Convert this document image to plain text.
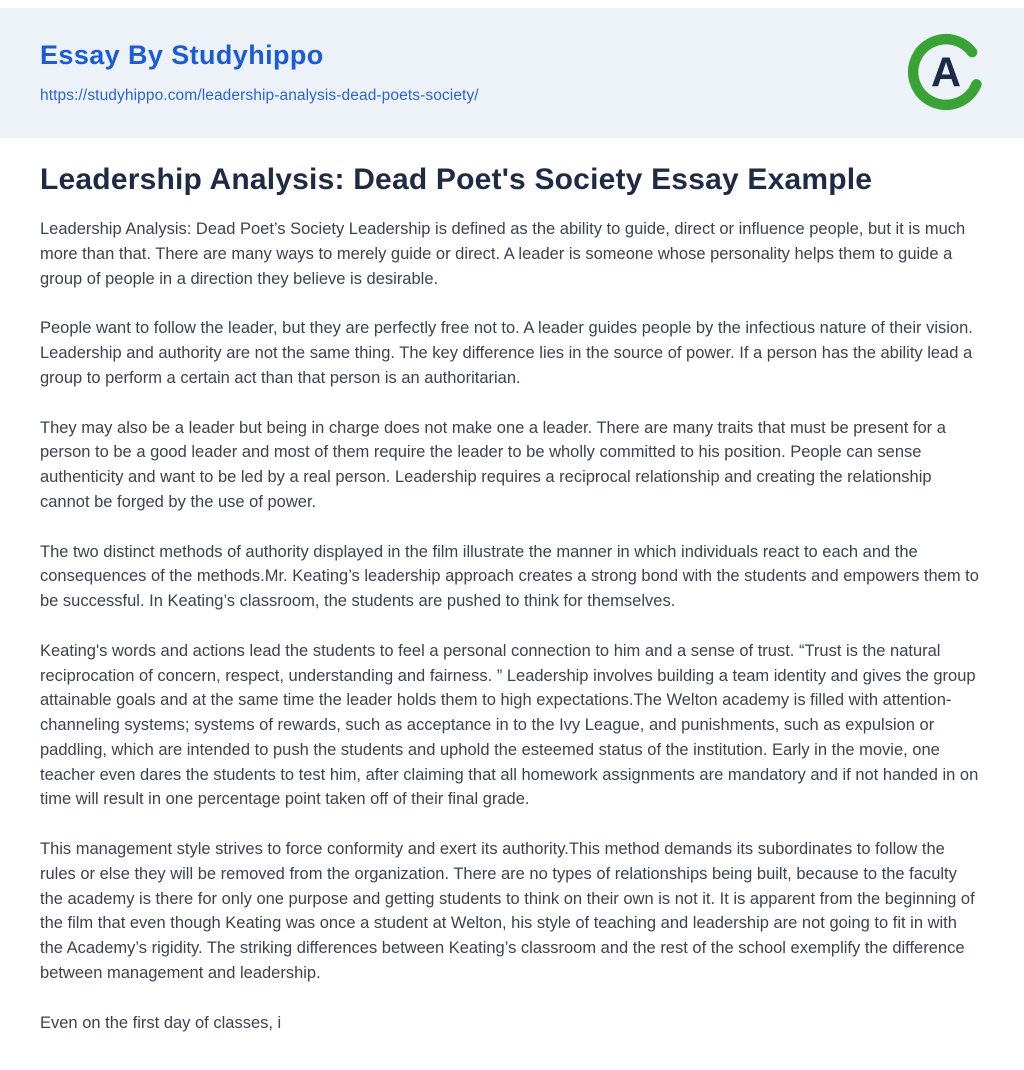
Essay By Studyhippo
https://studyhippo.com/leadership-analysis-dead-poets-society/	A
Leadership Analysis: Dead Poet's Society Essay Example

Leadership Analysis: Dead Poet’s Society Leadership is defined as the ability to guide, direct or influence people, but it is much more than that. There are many ways to merely guide or direct. A leader is someone whose personality helps them to guide a group of people in a direction they believe is desirable.

People want to follow the leader, but they are perfectly free not to. A leader guides people by the infectious nature of their vision. Leadership and authority are not the same thing. The key difference lies in the source of power. If a person has the ability lead a group to perform a certain act than that person is an authoritarian.

They may also be a leader but being in charge does not make one a leader. There are many traits that must be present for a person to be a good leader and most of them require the leader to be wholly committed to his position. People can sense authenticity and want to be led by a real person. Leadership requires a reciprocal relationship and creating the relationship cannot be forged by the use of power.

The two distinct methods of authority displayed in the film illustrate the manner in which individuals react to each and the consequences of the methods.Mr. Keating’s leadership approach creates a strong bond with the students and empowers them to be successful. In Keating’s classroom, the students are pushed to think for themselves.

Keating's words and actions lead the students to feel a personal connection to him and a sense of trust. “Trust is the natural reciprocation of concern, respect, understanding and fairness. ” Leadership involves building a team identity and gives the group attainable goals and at the same time the leader holds them to high expectations.The Welton academy is filled with attention-channeling systems; systems of rewards, such as acceptance in to the Ivy League, and punishments, such as expulsion or paddling, which are intended to push the students and uphold the esteemed status of the institution. Early in the movie, one teacher even dares the students to test him, after claiming that all homework assignments are mandatory and if not handed in on time will result in one percentage point taken off of their final grade.

This management style strives to force conformity and exert its authority.This method demands its subordinates to follow the rules or else they will be removed from the organization. There are no types of relationships being built, because to the faculty the academy is there for only one purpose and getting students to think on their own is not it. It is apparent from the beginning of the film that even though Keating was once a student at Welton, his style of teaching and leadership are not going to fit in with the Academy’s rigidity. The striking differences between Keating’s classroom and the rest of the school exemplify the difference between management and leadership.

Even on the first day of classes, i
